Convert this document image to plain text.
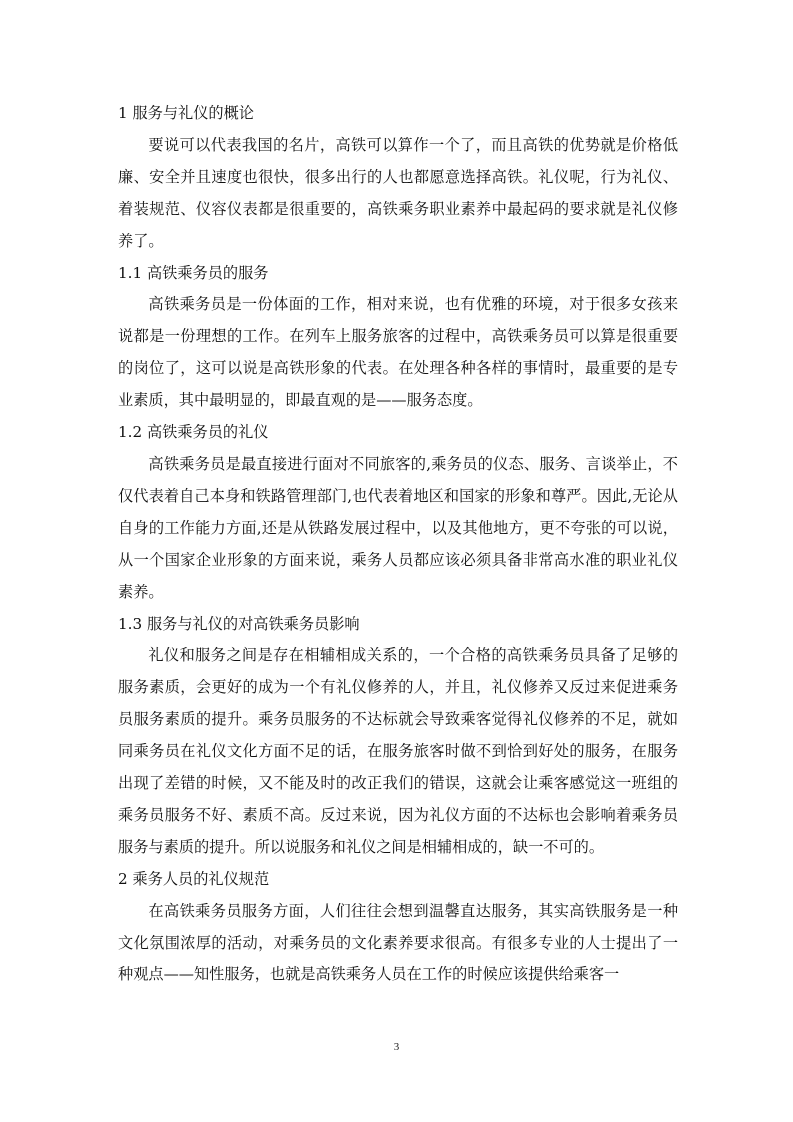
1 服务与礼仪的概论

要说可以代表我国的名片，高铁可以算作一个了，而且高铁的优势就是价格低廉、安全并且速度也很快，很多出行的人也都愿意选择高铁。礼仪呢，行为礼仪、着装规范、仪容仪表都是很重要的，高铁乘务职业素养中最起码的要求就是礼仪修养了。

1.1 高铁乘务员的服务

高铁乘务员是一份体面的工作，相对来说，也有优雅的环境，对于很多女孩来说都是一份理想的工作。在列车上服务旅客的过程中，高铁乘务员可以算是很重要的岗位了，这可以说是高铁形象的代表。在处理各种各样的事情时，最重要的是专业素质，其中最明显的，即最直观的是——服务态度。

1.2 高铁乘务员的礼仪

高铁乘务员是最直接进行面对不同旅客的,乘务员的仪态、服务、言谈举止，不仅代表着自己本身和铁路管理部门,也代表着地区和国家的形象和尊严。因此,无论从自身的工作能力方面,还是从铁路发展过程中，以及其他地方，更不夸张的可以说，从一个国家企业形象的方面来说，乘务人员都应该必须具备非常高水准的职业礼仪素养。

1.3 服务与礼仪的对高铁乘务员影响

礼仪和服务之间是存在相辅相成关系的，一个合格的高铁乘务员具备了足够的服务素质，会更好的成为一个有礼仪修养的人，并且，礼仪修养又反过来促进乘务员服务素质的提升。乘务员服务的不达标就会导致乘客觉得礼仪修养的不足，就如同乘务员在礼仪文化方面不足的话，在服务旅客时做不到恰到好处的服务，在服务出现了差错的时候，又不能及时的改正我们的错误，这就会让乘客感觉这一班组的乘务员服务不好、素质不高。反过来说，因为礼仪方面的不达标也会影响着乘务员服务与素质的提升。所以说服务和礼仪之间是相辅相成的，缺一不可的。

2 乘务人员的礼仪规范

在高铁乘务员服务方面，人们往往会想到温馨直达服务，其实高铁服务是一种文化氛围浓厚的活动，对乘务员的文化素养要求很高。有很多专业的人士提出了一种观点——知性服务，也就是高铁乘务人员在工作的时候应该提供给乘客一

3
